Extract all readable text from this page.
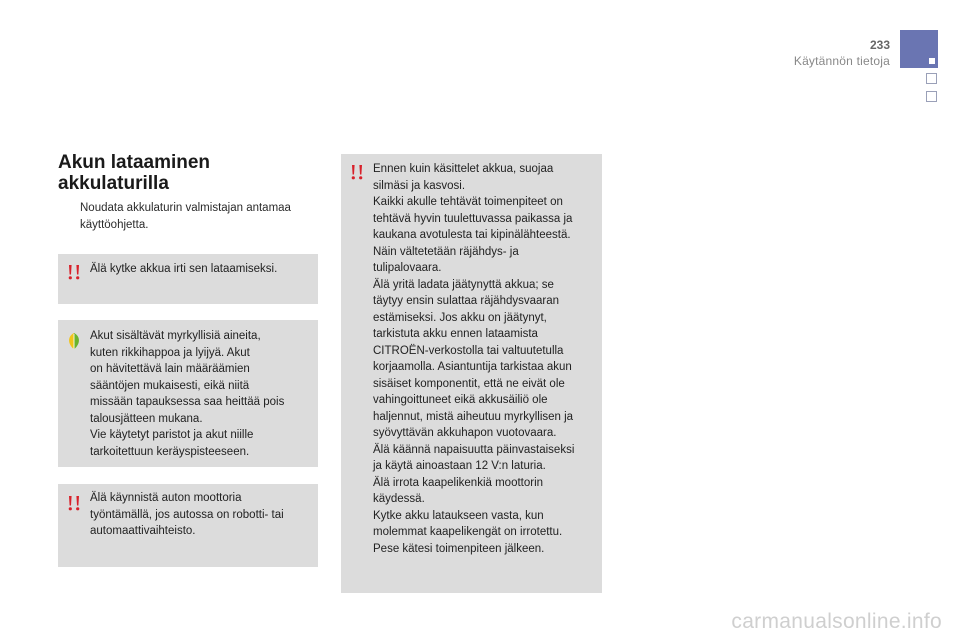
233
Käytännön tietoja
Akun lataaminen akkulaturilla
Noudata akkulaturin valmistajan antamaa käyttöohjetta.
Älä kytke akkua irti sen lataamiseksi.
Akut sisältävät myrkyllisiä aineita,
kuten rikkihappoa ja lyijyä. Akut
on hävitettävä lain määräämien
sääntöjen mukaisesti, eikä niitä
missään tapauksessa saa heittää pois
talousjätteen mukana.
Vie käytetyt paristot ja akut niille
tarkoitettuun keräyspisteeseen.
Älä käynnistä auton moottoria
työntämällä, jos autossa on robotti- tai
automaattivaihteisto.
Ennen kuin käsittelet akkua, suojaa
silmäsi ja kasvosi.
Kaikki akulle tehtävät toimenpiteet on
tehtävä hyvin tuulettuvassa paikassa ja
kaukana avotulesta tai kipinälähteestä.
Näin vältetetään räjähdys- ja
tulipalovaara.
Älä yritä ladata jäätynyttä akkua; se
täytyy ensin sulattaa räjähdysvaaran
estämiseksi. Jos akku on jäätynyt,
tarkistuta akku ennen lataamista
CITROËN-verkostolla tai valtuutetulla
korjaamolla. Asiantuntija tarkistaa akun
sisäiset komponentit, että ne eivät ole
vahingoittuneet eikä akkusäiliö ole
haljennut, mistä aiheutuu myrkyllisen ja
syövyttävän akkuhapon vuotovaara.
Älä käännä napaisuutta päinvastaiseksi
ja käytä ainoastaan 12 V:n laturia.
Älä irrota kaapelikenkiä moottorin
käydessä.
Kytke akku lataukseen vasta, kun
molemmat kaapelikengät on irrotettu.
Pese kätesi toimenpiteen jälkeen.
carmanualsonline.info
